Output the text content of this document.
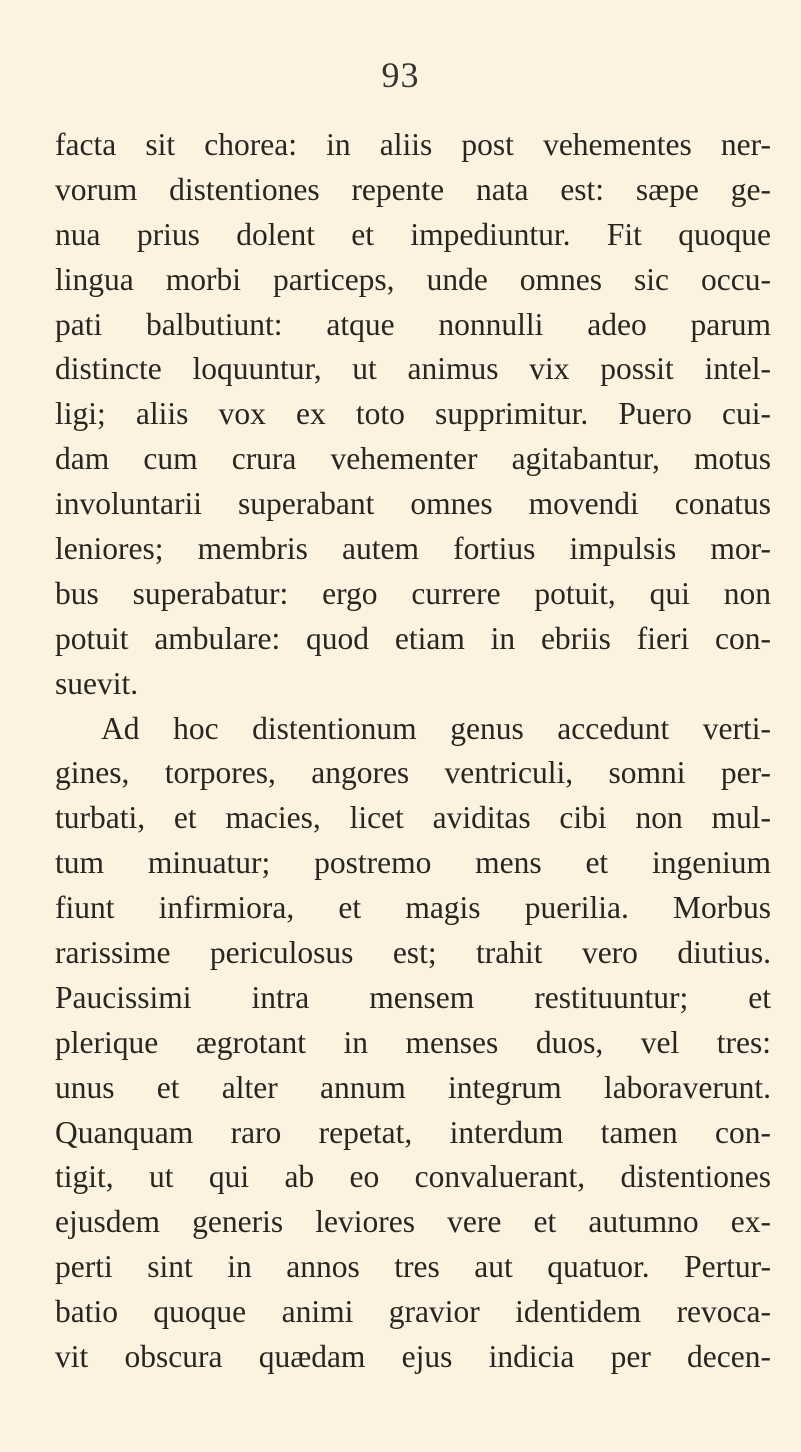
93
facta sit chorea: in aliis post vehementes ner-
vorum distentiones repente nata est: sæpe ge-
nua prius dolent et impediuntur. Fit quoque
lingua morbi particeps, unde omnes sic occu-
pati balbutiunt: atque nonnulli adeo parum
distincte loquuntur, ut animus vix possit intel-
ligi; aliis vox ex toto supprimitur. Puero cui-
dam cum crura vehementer agitabantur, motus
involuntarii superabant omnes movendi conatus
leniores; membris autem fortius impulsis mor-
bus superabatur: ergo currere potuit, qui non
potuit ambulare: quod etiam in ebriis fieri con-
suevit.
Ad hoc distentionum genus accedunt verti-
gines, torpores, angores ventriculi, somni per-
turbati, et macies, licet aviditas cibi non mul-
tum minuatur; postremo mens et ingenium
fiunt infirmiora, et magis puerilia. Morbus
rarissime periculosus est; trahit vero diutius.
Paucissimi intra mensem restituuntur; et
plerique ægrotant in menses duos, vel tres:
unus et alter annum integrum laboraverunt.
Quanquam raro repetat, interdum tamen con-
tigit, ut qui ab eo convaluerant, distentiones
ejusdem generis leviores vere et autumno ex-
perti sint in annos tres aut quatuor. Pertur-
batio quoque animi gravior identidem revoca-
vit obscura quædam ejus indicia per decen-
